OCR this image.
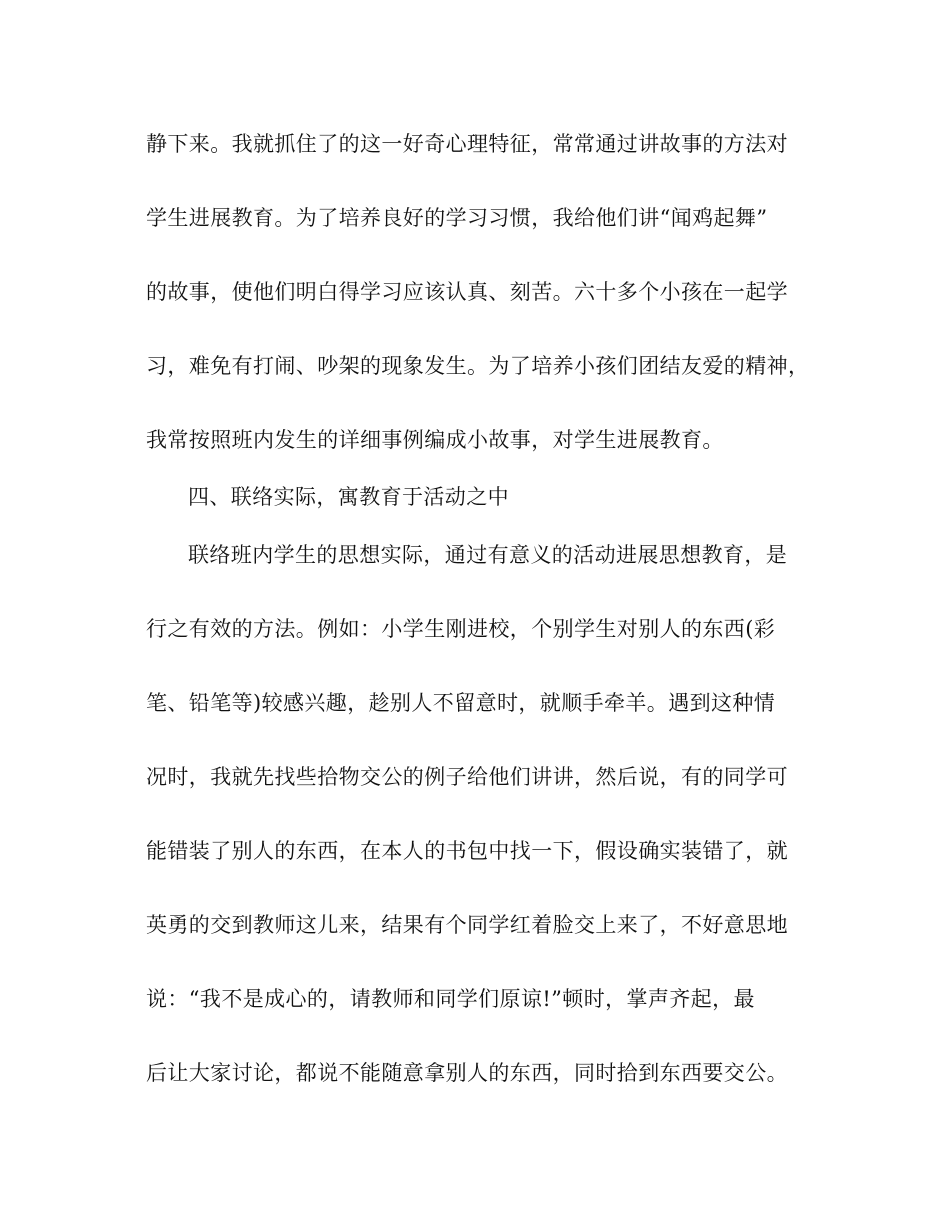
静下来。我就抓住了的这一好奇心理特征，常常通过讲故事的方法对
学生进展教育。为了培养良好的学习习惯，我给他们讲“闻鸡起舞”
的故事，使他们明白得学习应该认真、刻苦。六十多个小孩在一起学
习，难免有打闹、吵架的现象发生。为了培养小孩们团结友爱的精神，
我常按照班内发生的详细事例编成小故事，对学生进展教育。
四、联络实际，寓教育于活动之中
联络班内学生的思想实际，通过有意义的活动进展思想教育，是
行之有效的方法。例如：小学生刚进校，个别学生对别人的东西(彩
笔、铅笔等)较感兴趣，趁别人不留意时，就顺手牵羊。遇到这种情
况时，我就先找些拾物交公的例子给他们讲讲，然后说，有的同学可
能错装了别人的东西，在本人的书包中找一下，假设确实装错了，就
英勇的交到教师这儿来，结果有个同学红着脸交上来了，不好意思地
说：“我不是成心的，请教师和同学们原谅!”顿时，掌声齐起，最
后让大家讨论，都说不能随意拿别人的东西，同时拾到东西要交公。
